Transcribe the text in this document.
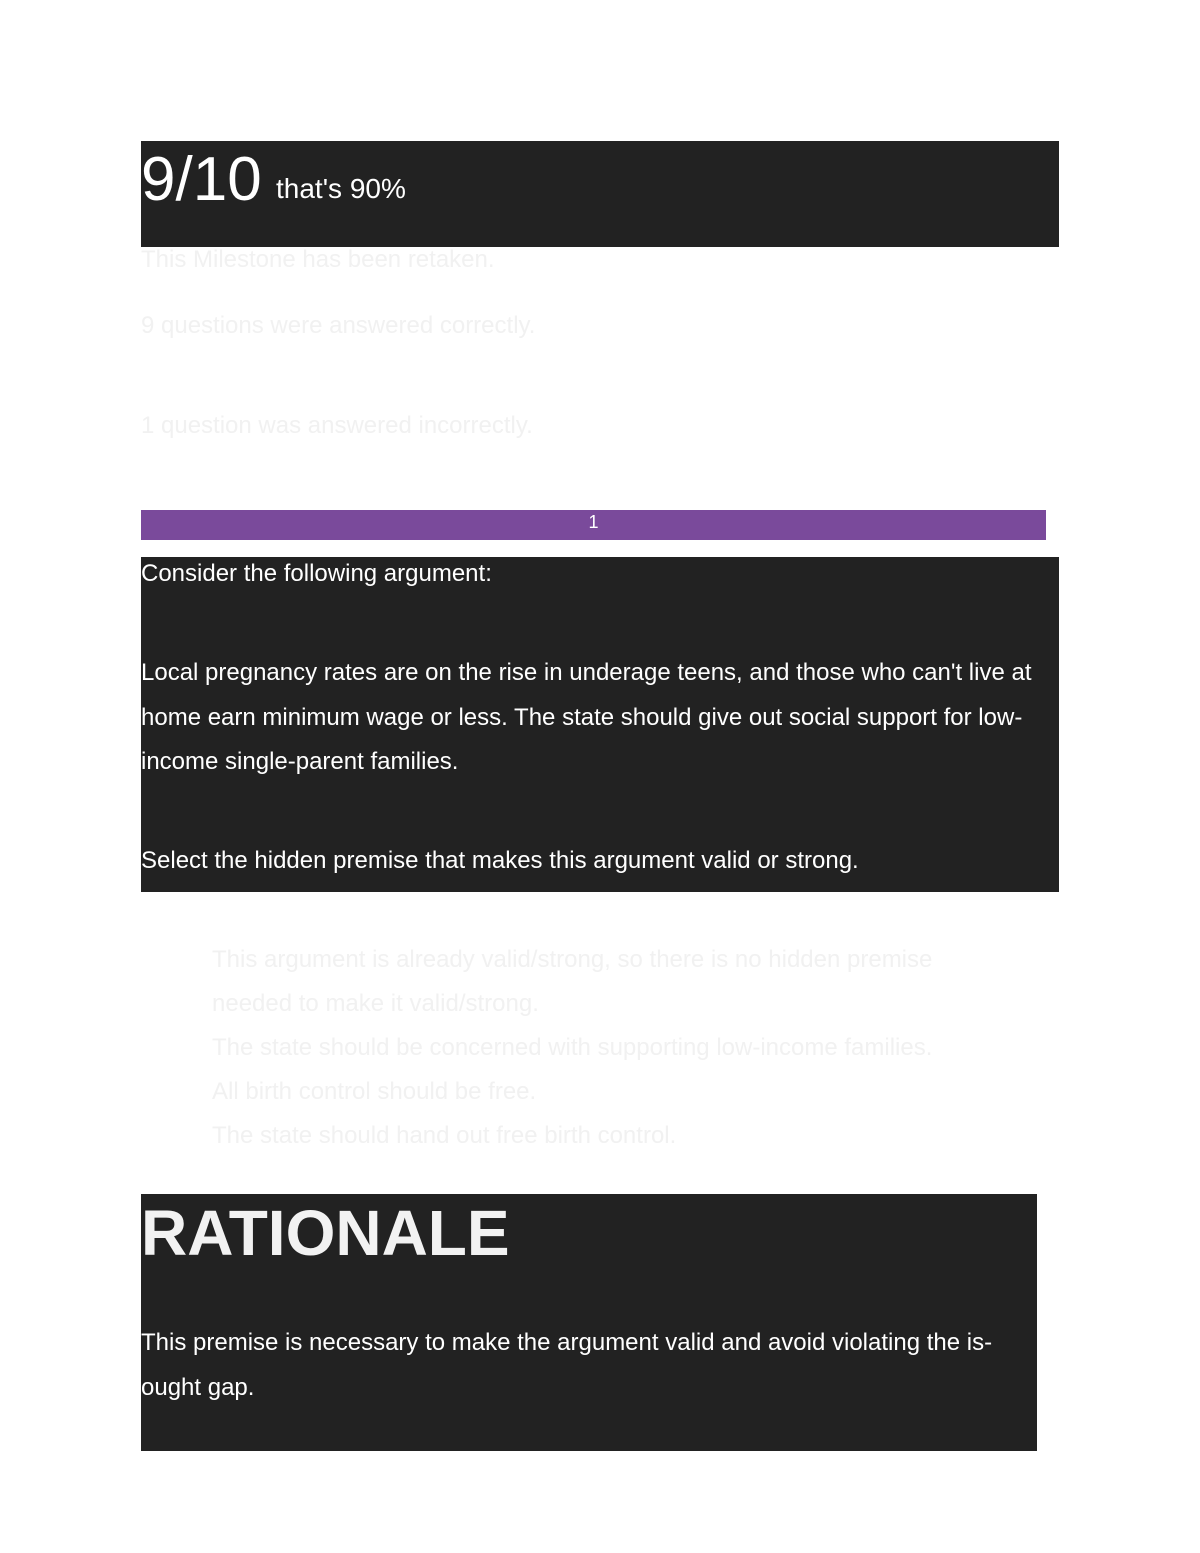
9/10 that's 90%
This Milestone has been retaken.
9 questions were answered correctly.
1 question was answered incorrectly.
1

Consider the following argument:

Local pregnancy rates are on the rise in underage teens, and those who can't live at home earn minimum wage or less. The state should give out social support for low-income single-parent families.

Select the hidden premise that makes this argument valid or strong.

This argument is already valid/strong, so there is no hidden premise needed to make it valid/strong.
The state should be concerned with supporting low-income families.
All birth control should be free.
The state should hand out free birth control.
RATIONALE

This premise is necessary to make the argument valid and avoid violating the is-ought gap.
